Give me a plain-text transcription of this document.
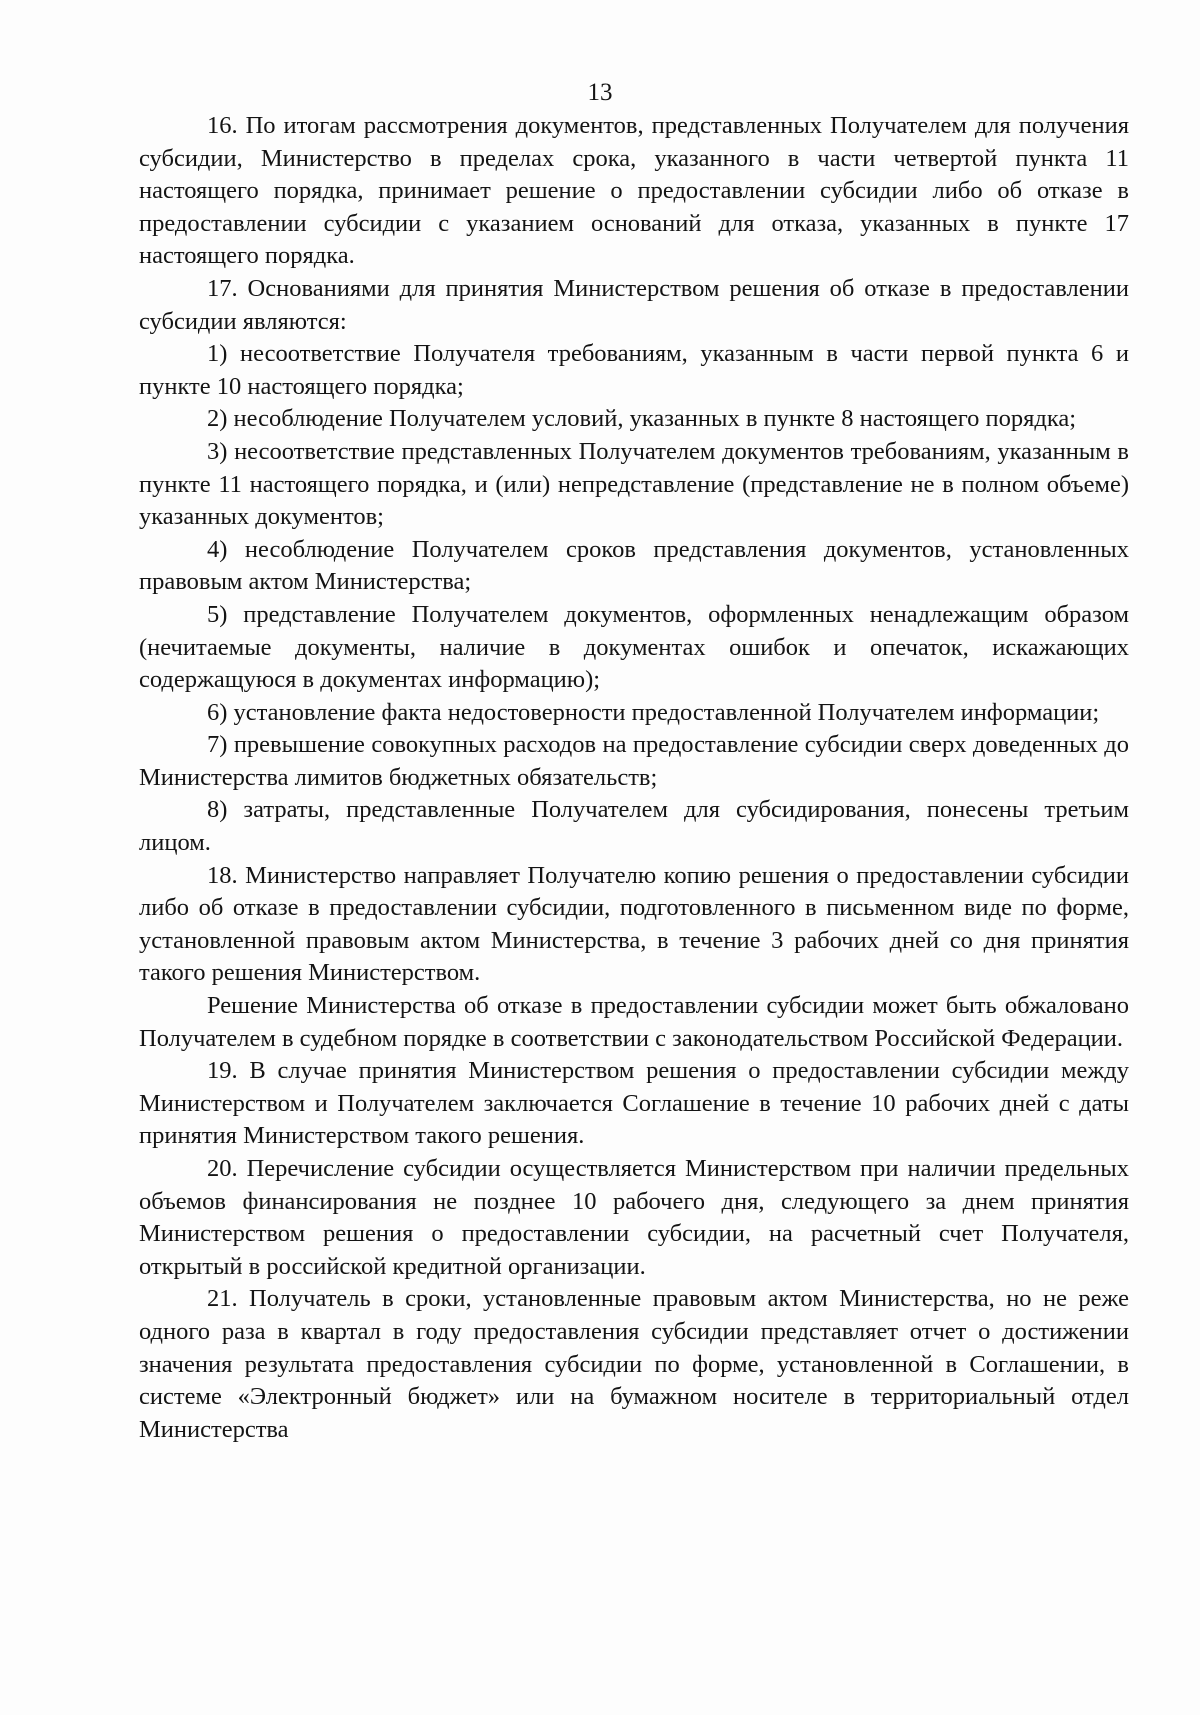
13

16. По итогам рассмотрения документов, представленных Получателем для получения субсидии, Министерство в пределах срока, указанного в части четвертой пункта 11 настоящего порядка, принимает решение о предоставлении субсидии либо об отказе в предоставлении субсидии с указанием оснований для отказа, указанных в пункте 17 настоящего порядка.

17. Основаниями для принятия Министерством решения об отказе в предоставлении субсидии являются:

1) несоответствие Получателя требованиям, указанным в части первой пункта 6 и пункте 10 настоящего порядка;

2) несоблюдение Получателем условий, указанных в пункте 8 настоящего порядка;

3) несоответствие представленных Получателем документов требованиям, указанным в пункте 11 настоящего порядка, и (или) непредставление (представление не в полном объеме) указанных документов;

4) несоблюдение Получателем сроков представления документов, установленных правовым актом Министерства;

5) представление Получателем документов, оформленных ненадлежащим образом (нечитаемые документы, наличие в документах ошибок и опечаток, искажающих содержащуюся в документах информацию);

6) установление факта недостоверности предоставленной Получателем информации;

7) превышение совокупных расходов на предоставление субсидии сверх доведенных до Министерства лимитов бюджетных обязательств;

8) затраты, представленные Получателем для субсидирования, понесены третьим лицом.

18. Министерство направляет Получателю копию решения о предоставлении субсидии либо об отказе в предоставлении субсидии, подготовленного в письменном виде по форме, установленной правовым актом Министерства, в течение 3 рабочих дней со дня принятия такого решения Министерством.

Решение Министерства об отказе в предоставлении субсидии может быть обжаловано Получателем в судебном порядке в соответствии с законодательством Российской Федерации.

19. В случае принятия Министерством решения о предоставлении субсидии между Министерством и Получателем заключается Соглашение в течение 10 рабочих дней с даты принятия Министерством такого решения.

20. Перечисление субсидии осуществляется Министерством при наличии предельных объемов финансирования не позднее 10 рабочего дня, следующего за днем принятия Министерством решения о предоставлении субсидии, на расчетный счет Получателя, открытый в российской кредитной организации.

21. Получатель в сроки, установленные правовым актом Министерства, но не реже одного раза в квартал в году предоставления субсидии представляет отчет о достижении значения результата предоставления субсидии по форме, установленной в Соглашении, в системе «Электронный бюджет» или на бумажном носителе в территориальный отдел Министерства
